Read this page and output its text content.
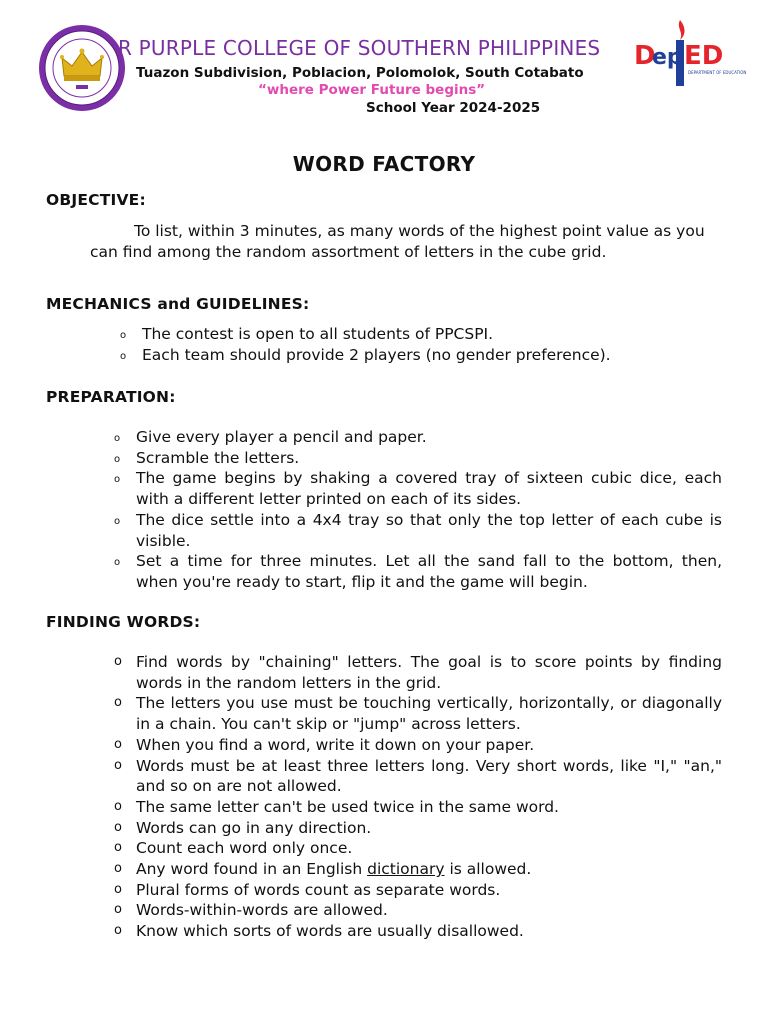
R PURPLE COLLEGE OF SOUTHERN PHILIPPINES
Tuazon Subdivision, Poblacion, Polomolok, South Cotabato
“where Power Future begins”
School Year 2024-2025
D
ep ED
DEPARTMENT OF EDUCATION
WORD FACTORY
OBJECTIVE:
To list, within 3 minutes, as many words of the highest point value as you can find among the random assortment of letters in the cube grid.
MECHANICS and GUIDELINES:
o The contest is open to all students of PPCSPI.
o Each team should provide 2 players (no gender preference).
PREPARATION:
o Give every player a pencil and paper.
o Scramble the letters.
o The game begins by shaking a covered tray of sixteen cubic dice, each with a different letter printed on each of its sides.
o The dice settle into a 4x4 tray so that only the top letter of each cube is visible.
o Set a time for three minutes. Let all the sand fall to the bottom, then, when you're ready to start, flip it and the game will begin.
FINDING WORDS:
o Find words by "chaining" letters. The goal is to score points by finding words in the random letters in the grid.
o The letters you use must be touching vertically, horizontally, or diagonally in a chain. You can't skip or "jump" across letters.
o When you find a word, write it down on your paper.
o Words must be at least three letters long. Very short words, like "I," "an," and so on are not allowed.
o The same letter can't be used twice in the same word.
o Words can go in any direction.
o Count each word only once.
o Any word found in an English dictionary is allowed.
o Plural forms of words count as separate words.
o Words-within-words are allowed.
o Know which sorts of words are usually disallowed.
